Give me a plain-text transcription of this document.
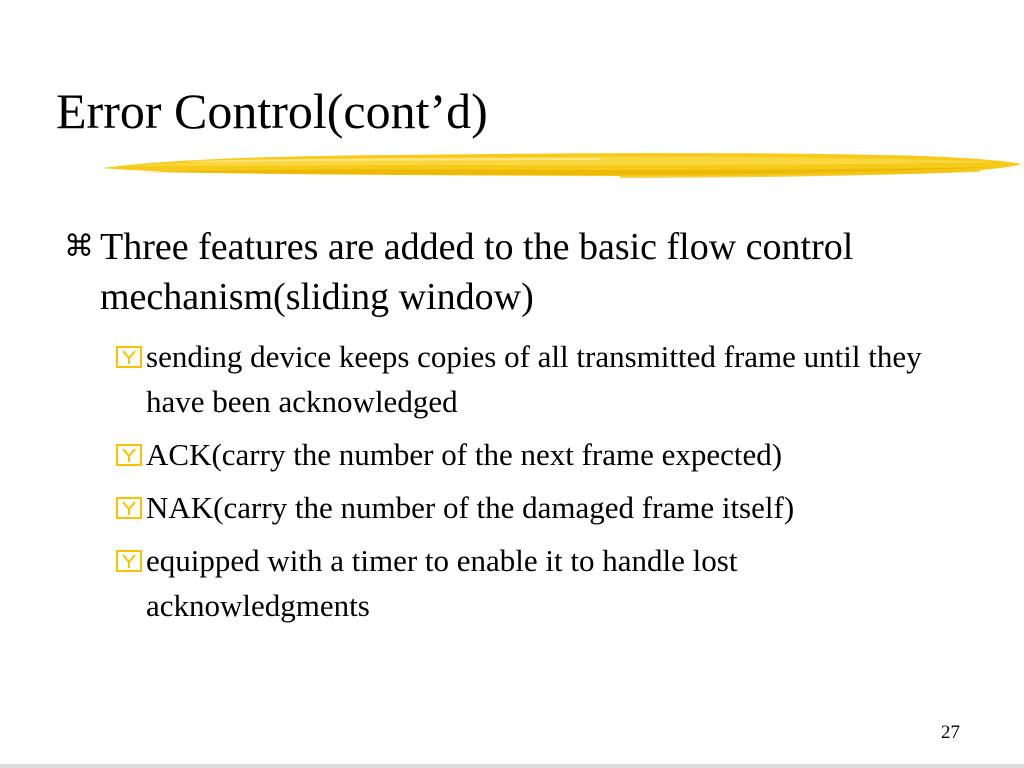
Error Control(cont’d)
⌘ Three features are added to the basic flow control mechanism(sliding window)
sending device keeps copies of all transmitted frame until they have been acknowledged
ACK(carry the number of the next frame expected)
NAK(carry the number of the damaged frame itself)
equipped with a timer to enable it to handle lost acknowledgments
27
